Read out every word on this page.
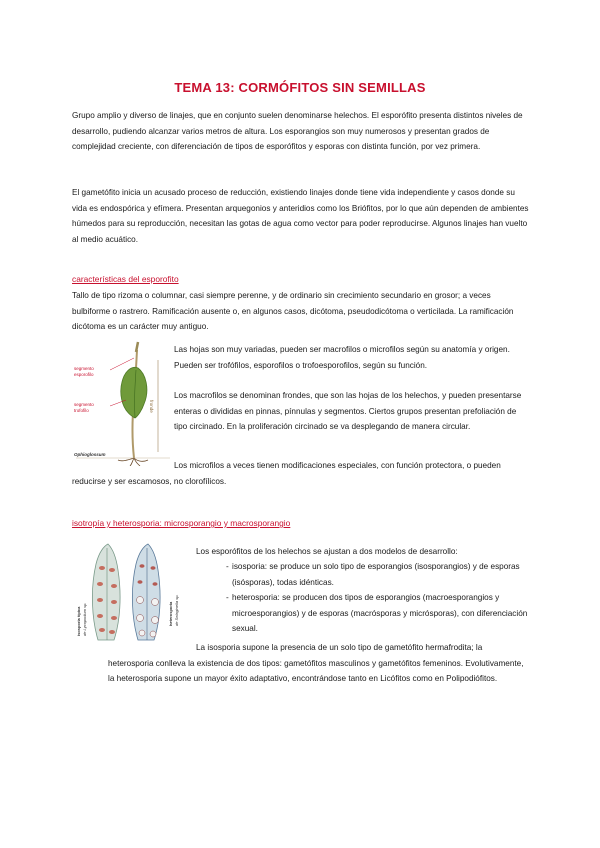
TEMA 13: CORMÓFITOS SIN SEMILLAS

Grupo amplio y diverso de linajes, que en conjunto suelen denominarse helechos. El esporófito presenta distintos niveles de desarrollo, pudiendo alcanzar varios metros de altura. Los esporangios son muy numerosos y presentan grados de complejidad creciente, con diferenciación de tipos de esporófitos y esporas con distinta función, por vez primera.

El gametófito inicia un acusado proceso de reducción, existiendo linajes donde tiene vida independiente y casos donde su vida es endospórica y efímera. Presentan arquegonios y anteridios como los Briófitos, por lo que aún dependen de ambientes húmedos para su reproducción, necesitan las gotas de agua como vector para poder reproducirse. Algunos linajes han vuelto al medio acuático.

características del esporofito

Tallo de tipo rizoma o columnar, casi siempre perenne, y de ordinario sin crecimiento secundario en grosor; a veces bulbiforme o rastrero. Ramificación ausente o, en algunos casos, dicótoma, pseudodicótoma o verticilada. La ramificación dicótoma es un carácter muy antiguo.

segmento
esporofilo
segmento
trofofilo	fronde
Ophioglossum

Las hojas son muy variadas, pueden ser macrofilos o microfilos según su anatomía y origen. Pueden ser trofófilos, esporofilos o trofoesporofilos, según su función.

Los macrofilos se denominan frondes, que son las hojas de los helechos, y pueden presentarse enteras o divididas en pinnas, pínnulas y segmentos. Ciertos grupos presentan prefoliación de tipo circinado. En la proliferación circinado se va desplegando de manera circular.

Los microfilos a veces tienen modificaciones especiales, con función protectora, o pueden reducirse y ser escamosos, no clorofílicos.

isotropía y heterosporia: microsporangio y macrosporangio

isosporia típica de Lycopodium sp.	heterosporia de Selaginella sp.

Los esporófitos de los helechos se ajustan a dos modelos de desarrollo:

- isosporia: se produce un solo tipo de esporangios (isosporangios) y de esporas (isósporas), todas idénticas.
- heterosporia: se producen dos tipos de esporangios (macroesporangios y microesporangios) y de esporas (macrósporas y micrósporas), con diferenciación sexual.

La isosporia supone la presencia de un solo tipo de gametófito hermafrodita; la heterosporia conlleva la existencia de dos tipos: gametófitos masculinos y gametófitos femeninos. Evolutivamente, la heterosporia supone un mayor éxito adaptativo, encontrándose tanto en Licófitos como en Polipodiófitos.
